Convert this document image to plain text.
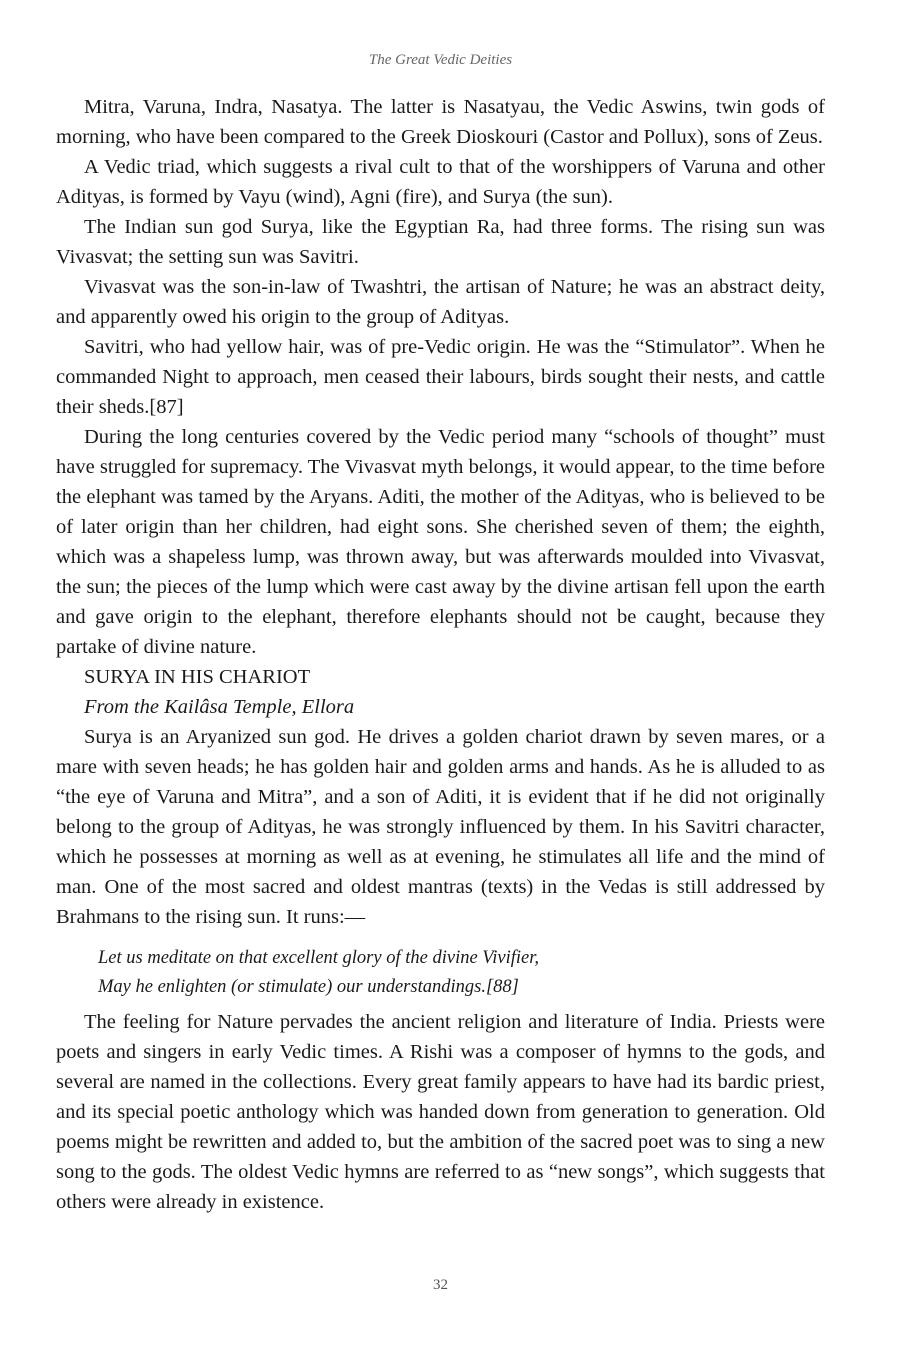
The Great Vedic Deities

Mitra, Varuna, Indra, Nasatya. The latter is Nasatyau, the Vedic Aswins, twin gods of morning, who have been compared to the Greek Dioskouri (Castor and Pollux), sons of Zeus.

A Vedic triad, which suggests a rival cult to that of the worshippers of Varuna and other Adityas, is formed by Vayu (wind), Agni (fire), and Surya (the sun).

The Indian sun god Surya, like the Egyptian Ra, had three forms. The rising sun was Vivasvat; the setting sun was Savitri.

Vivasvat was the son-in-law of Twashtri, the artisan of Nature; he was an abstract deity, and apparently owed his origin to the group of Adityas.

Savitri, who had yellow hair, was of pre-Vedic origin. He was the “Stimulator”. When he commanded Night to approach, men ceased their labours, birds sought their nests, and cattle their sheds.[87]

During the long centuries covered by the Vedic period many “schools of thought” must have struggled for supremacy. The Vivasvat myth belongs, it would appear, to the time before the elephant was tamed by the Aryans. Aditi, the mother of the Adityas, who is believed to be of later origin than her children, had eight sons. She cherished seven of them; the eighth, which was a shapeless lump, was thrown away, but was afterwards moulded into Vivasvat, the sun; the pieces of the lump which were cast away by the divine artisan fell upon the earth and gave origin to the elephant, therefore elephants should not be caught, because they partake of divine nature.

SURYA IN HIS CHARIOT

From the Kailâsa Temple, Ellora

Surya is an Aryanized sun god. He drives a golden chariot drawn by seven mares, or a mare with seven heads; he has golden hair and golden arms and hands. As he is alluded to as “the eye of Varuna and Mitra”, and a son of Aditi, it is evident that if he did not originally belong to the group of Adityas, he was strongly influenced by them. In his Savitri character, which he possesses at morning as well as at evening, he stimulates all life and the mind of man. One of the most sacred and oldest mantras (texts) in the Vedas is still addressed by Brahmans to the rising sun. It runs:—

Let us meditate on that excellent glory of the divine Vivifier,

May he enlighten (or stimulate) our understandings.[88]

The feeling for Nature pervades the ancient religion and literature of India. Priests were poets and singers in early Vedic times. A Rishi was a composer of hymns to the gods, and several are named in the collections. Every great family appears to have had its bardic priest, and its special poetic anthology which was handed down from generation to generation. Old poems might be rewritten and added to, but the ambition of the sacred poet was to sing a new song to the gods. The oldest Vedic hymns are referred to as “new songs”, which suggests that others were already in existence.

32
